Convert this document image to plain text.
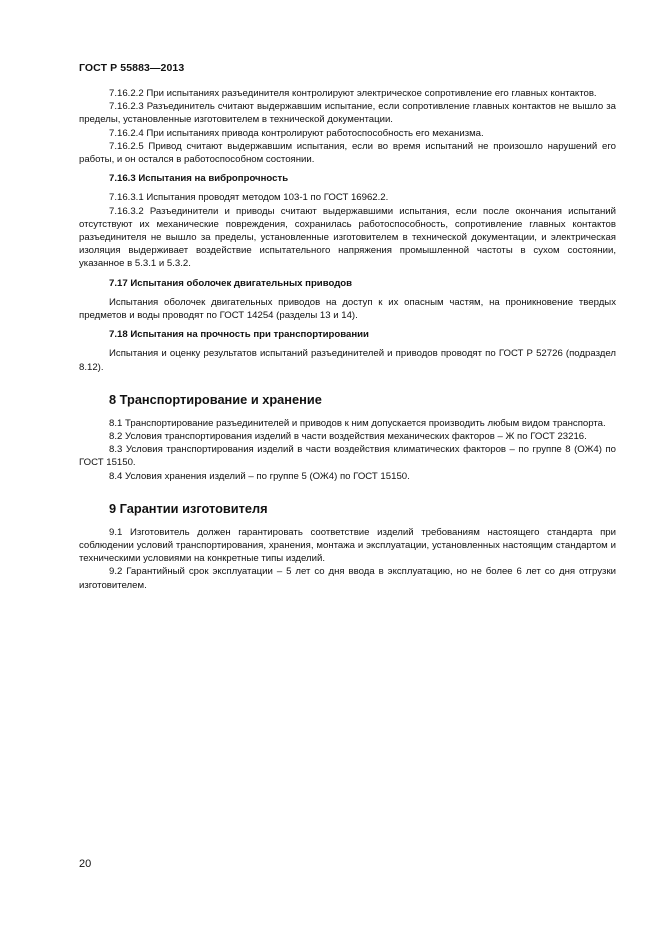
ГОСТ Р 55883—2013

7.16.2.2 При испытаниях разъединителя контролируют электрическое сопротивление его главных контактов.

7.16.2.3 Разъединитель считают выдержавшим испытание, если сопротивление главных контактов не вышло за пределы, установленные изготовителем в технической документации.

7.16.2.4 При испытаниях привода контролируют работоспособность его механизма.

7.16.2.5 Привод считают выдержавшим испытания, если во время испытаний не произошло нарушений его работы, и он остался в работоспособном состоянии.

7.16.3 Испытания на вибропрочность

7.16.3.1 Испытания проводят методом 103-1 по ГОСТ 16962.2.

7.16.3.2 Разъединители и приводы считают выдержавшими испытания, если после окончания испытаний отсутствуют их механические повреждения, сохранилась работоспособность, сопротивление главных контактов разъединителя не вышло за пределы, установленные изготовителем в технической документации, и электрическая изоляция выдерживает воздействие испытательного напряжения промышленной частоты в сухом состоянии, указанное в 5.3.1 и 5.3.2.

7.17 Испытания оболочек двигательных приводов

Испытания оболочек двигательных приводов на доступ к их опасным частям, на проникновение твердых предметов и воды проводят по ГОСТ 14254 (разделы 13 и 14).

7.18 Испытания на прочность при транспортировании

Испытания и оценку результатов испытаний разъединителей и приводов проводят по ГОСТ Р 52726 (подраздел 8.12).

8 Транспортирование и хранение

8.1 Транспортирование разъединителей и приводов к ним допускается производить любым видом транспорта.

8.2 Условия транспортирования изделий в части воздействия механических факторов – Ж по ГОСТ 23216.

8.3 Условия транспортирования изделий в части воздействия климатических факторов – по группе 8 (ОЖ4) по ГОСТ 15150.

8.4 Условия хранения изделий – по группе 5 (ОЖ4) по ГОСТ 15150.

9 Гарантии изготовителя

9.1 Изготовитель должен гарантировать соответствие изделий требованиям настоящего стандарта при соблюдении условий транспортирования, хранения, монтажа и эксплуатации, установленных настоящим стандартом и техническими условиями на конкретные типы изделий.

9.2 Гарантийный срок эксплуатации – 5 лет со дня ввода в эксплуатацию, но не более 6 лет со дня отгрузки изготовителем.

20
